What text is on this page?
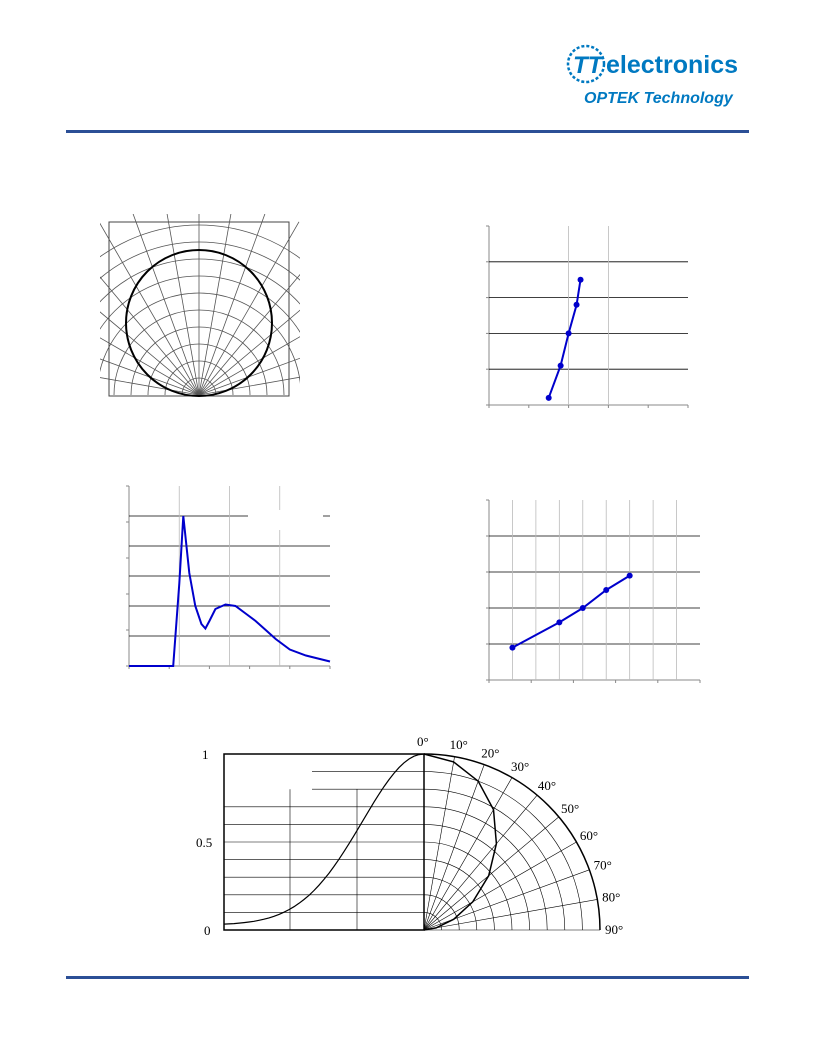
TT electronics
OPTEK Technology
1
0.5
0
0° 10°
20°
30°
40°
50°
60°
70°
80°
90°
